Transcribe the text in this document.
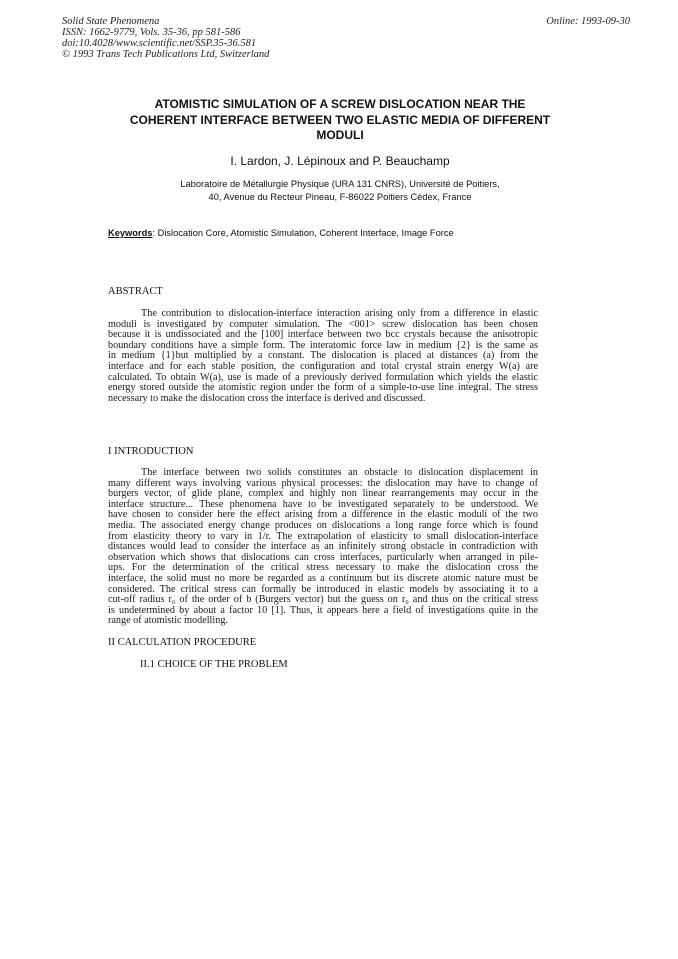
Solid State Phenomena
ISSN: 1662-9779, Vols. 35-36, pp 581-586
doi:10.4028/www.scientific.net/SSP.35-36.581
© 1993 Trans Tech Publications Ltd, Switzerland
Online: 1993-09-30
ATOMISTIC SIMULATION OF A SCREW DISLOCATION NEAR THE
COHERENT INTERFACE BETWEEN TWO ELASTIC MEDIA OF DIFFERENT
MODULI
I. Lardon, J. Lépinoux and P. Beauchamp
Laboratoire de Métallurgie Physique (URA 131 CNRS), Université de Poitiers,
40, Avenue du Recteur Pineau, F-86022 Poitiers Cédex, France
Keywords: Dislocation Core, Atomistic Simulation, Coherent Interface, Image Force
ABSTRACT
The contribution to dislocation-interface interaction arising only from a difference in elastic
moduli is investigated by computer simulation. The <001> screw dislocation has been chosen
because it is undissociated and the [100] interface between two bcc crystals because the anisotropic
boundary conditions have a simple form. The interatomic force law in medium {2} is the same as
in medium {1}but multiplied by a constant. The dislocation is placed at distances (a) from the
interface and for each stable position, the configuration and total crystal strain energy W(a) are
calculated. To obtain W(a), use is made of a previously derived formulation which yields the elastic
energy stored outside the atomistic region under the form of a simple-to-use line integral. The stress
necessary to make the dislocation cross the interface is derived and discussed.
I INTRODUCTION
The interface between two solids constitutes an obstacle to dislocation displacement in
many different ways involving various physical processes: the dislocation may have to change of
burgers vector, of glide plane, complex and highly non linear rearrangements may occur in the
interface structure... These phenomena have to be investigated separately to be understood. We
have chosen to consider here the effect arising from a difference in the elastic moduli of the two
media. The associated energy change produces on dislocations a long range force which is found
from elasticity theory to vary in 1/r. The extrapolation of elasticity to small dislocation-interface
distances would lead to consider the interface as an infinitely strong obstacle in contradiction with
observation which shows that dislocations can cross interfaces, particularly when arranged in pile-
ups. For the determination of the critical stress necessary to make the dislocation cross the
interface, the solid must no more be regarded as a continuum but its discrete atomic nature must be
considered. The critical stress can formally be introduced in elastic models by associating it to a
cut-off radius r₀ of the order of b (Burgers vector) but the guess on r₀ and thus on the critical stress
is undetermined by about a factor 10 [1]. Thus, it appears here a field of investigations quite in the
range of atomistic modelling.
II CALCULATION PROCEDURE
II.1 CHOICE OF THE PROBLEM
